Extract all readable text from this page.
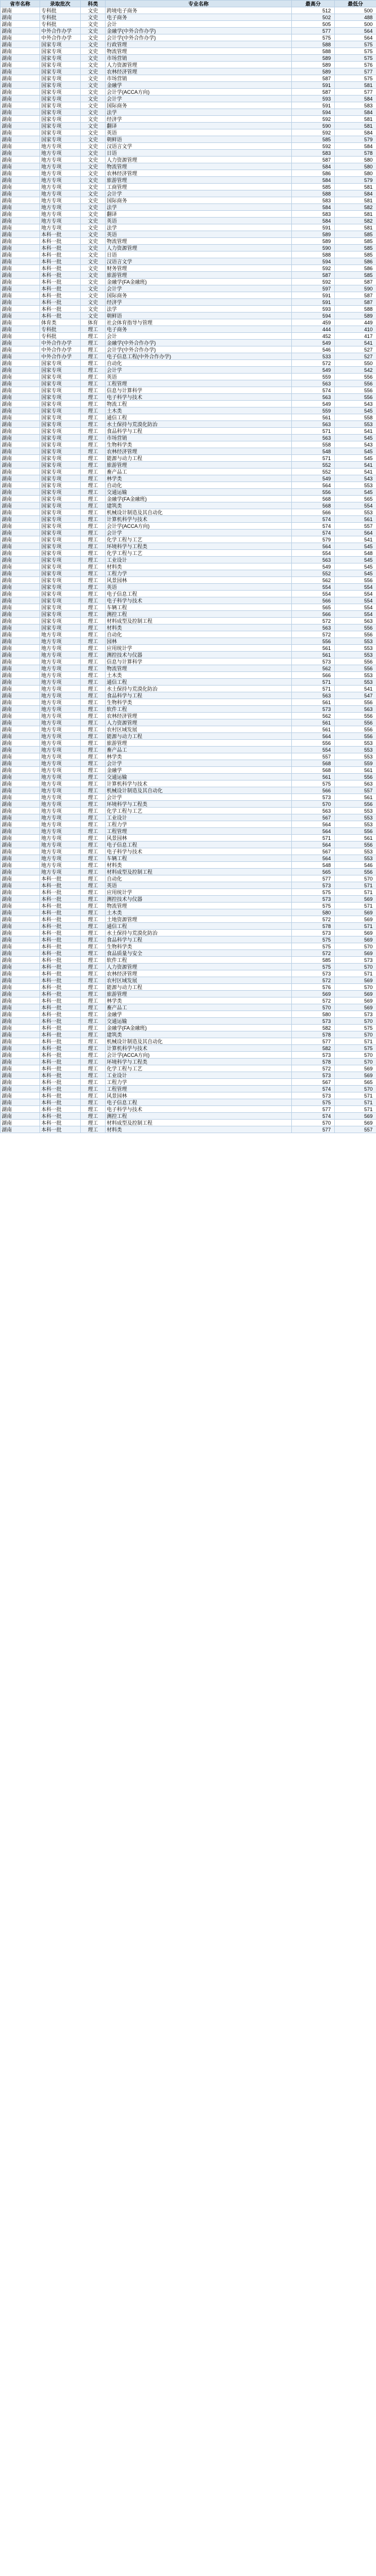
省市名称	录取批次	科类	专业名称	最高分	最低分
湖南	专科批	文史	跨境电子商务	512	500
湖南	专科批	文史	电子商务	502	488
湖南	专科批	文史	会计	505	500
湖南	中外合作办学	文史	金融学(中外合作办学)	577	564
湖南	中外合作办学	文史	会计学(中外合作办学)	575	564
湖南	国家专项	文史	行政管理	588	575
湖南	国家专项	文史	物流管理	588	575
湖南	国家专项	文史	市场营销	589	575
湖南	国家专项	文史	人力资源管理	589	576
湖南	国家专项	文史	农林经济管理	589	577
湖南	国家专项	文史	市场营销	587	575
湖南	国家专项	文史	金融学	591	581
湖南	国家专项	文史	会计学(ACCA方向)	587	577
湖南	国家专项	文史	会计学	593	584
湖南	国家专项	文史	国际商务	591	583
湖南	国家专项	文史	法学	594	584
湖南	国家专项	文史	经济学	592	581
湖南	国家专项	文史	翻译	590	581
湖南	国家专项	文史	英语	592	584
湖南	国家专项	文史	朝鲜语	585	579
湖南	地方专项	文史	汉语言文学	592	584
湖南	地方专项	文史	日语	583	578
湖南	地方专项	文史	人力资源管理	587	580
湖南	地方专项	文史	物流管理	584	580
湖南	地方专项	文史	农林经济管理	586	580
湖南	地方专项	文史	旅游管理	584	579
湖南	地方专项	文史	工商管理	585	581
湖南	地方专项	文史	会计学	588	584
湖南	地方专项	文史	国际商务	583	581
湖南	地方专项	文史	法学	584	582
湖南	地方专项	文史	翻译	583	581
湖南	地方专项	文史	英语	584	582
湖南	地方专项	文史	法学	591	581
湖南	本科一批	文史	英语	589	585
湖南	本科一批	文史	物流管理	589	585
湖南	本科一批	文史	人力资源管理	590	585
湖南	本科一批	文史	日语	588	585
湖南	本科一批	文史	汉语言文学	594	586
湖南	本科一批	文史	财务管理	592	586
湖南	本科一批	文史	旅游管理	587	585
湖南	本科一批	文史	金融学(FA金融班)	592	587
湖南	本科一批	文史	会计学	597	590
湖南	本科一批	文史	国际商务	591	587
湖南	本科一批	文史	经济学	591	587
湖南	本科一批	文史	法学	593	588
湖南	本科一批	文史	朝鲜语	594	589
湖南	体育类	体育	社会体育指导与管理	459	449
湖南	专科批	理工	电子商务	444	410
湖南	专科批	理工	会计	452	417
湖南	中外合作办学	理工	金融学(中外合作办学)	549	541
湖南	中外合作办学	理工	会计学(中外合作办学)	546	527
湖南	中外合作办学	理工	电子信息工程(中外合作办学)	533	527
湖南	国家专项	理工	自动化	572	550
湖南	国家专项	理工	会计学	549	542
湖南	国家专项	理工	英语	559	556
湖南	国家专项	理工	工程管理	563	556
湖南	国家专项	理工	信息与计算科学	574	556
湖南	国家专项	理工	电子科学与技术	563	556
湖南	国家专项	理工	物流工程	549	543
湖南	国家专项	理工	土木类	559	545
湖南	国家专项	理工	通信工程	561	558
湖南	国家专项	理工	水土保持与荒漠化防治	563	553
湖南	国家专项	理工	食品科学与工程	571	541
湖南	国家专项	理工	市场营销	563	545
湖南	国家专项	理工	生物科学类	558	543
湖南	国家专项	理工	农林经济管理	548	545
湖南	国家专项	理工	能源与动力工程	571	545
湖南	国家专项	理工	旅游管理	552	541
湖南	国家专项	理工	畜产品工	552	541
湖南	国家专项	理工	林学类	549	543
湖南	国家专项	理工	自动化	564	553
湖南	国家专项	理工	交通运输	556	545
湖南	国家专项	理工	金融学(FA金融班)	568	565
湖南	国家专项	理工	建筑类	568	554
湖南	国家专项	理工	机械设计制造及其自动化	566	553
湖南	国家专项	理工	计算机科学与技术	574	561
湖南	国家专项	理工	会计学(ACCA方向)	574	557
湖南	国家专项	理工	会计学	574	564
湖南	国家专项	理工	化学工程与工艺	579	541
湖南	国家专项	理工	环境科学与工程类	564	545
湖南	国家专项	理工	化学工程与工艺	554	548
湖南	国家专项	理工	工业设计	563	545
湖南	国家专项	理工	材料类	549	545
湖南	国家专项	理工	工程力学	552	545
湖南	国家专项	理工	风景园林	562	556
湖南	国家专项	理工	英语	554	554
湖南	国家专项	理工	电子信息工程	554	554
湖南	国家专项	理工	电子科学与技术	566	554
湖南	国家专项	理工	车辆工程	565	554
湖南	国家专项	理工	测控工程	566	554
湖南	国家专项	理工	材料成型及控制工程	572	563
湖南	国家专项	理工	材料类	563	556
湖南	地方专项	理工	自动化	572	556
湖南	地方专项	理工	园林	556	553
湖南	地方专项	理工	应用统计学	561	553
湖南	地方专项	理工	测控技术与仪器	561	553
湖南	地方专项	理工	信息与计算科学	573	556
湖南	地方专项	理工	物流管理	562	556
湖南	地方专项	理工	土木类	566	553
湖南	地方专项	理工	通信工程	571	553
湖南	地方专项	理工	水土保持与荒漠化防治	571	541
湖南	地方专项	理工	食品科学与工程	563	547
湖南	地方专项	理工	生物科学类	561	556
湖南	地方专项	理工	软件工程	573	563
湖南	地方专项	理工	农林经济管理	562	556
湖南	地方专项	理工	人力资源管理	561	556
湖南	地方专项	理工	农村区域发展	561	556
湖南	地方专项	理工	能源与动力工程	564	556
湖南	地方专项	理工	旅游管理	556	553
湖南	地方专项	理工	畜产品工	554	553
湖南	地方专项	理工	林学类	557	553
湖南	地方专项	理工	会计学	568	559
湖南	地方专项	理工	金融学	568	561
湖南	地方专项	理工	交通运输	561	556
湖南	地方专项	理工	计算机科学与技术	575	563
湖南	地方专项	理工	机械设计制造及其自动化	566	557
湖南	地方专项	理工	会计学	573	561
湖南	地方专项	理工	环境科学与工程类	570	556
湖南	地方专项	理工	化学工程与工艺	563	553
湖南	地方专项	理工	工业设计	567	553
湖南	地方专项	理工	工程力学	564	553
湖南	地方专项	理工	工程管理	564	556
湖南	地方专项	理工	风景园林	571	561
湖南	地方专项	理工	电子信息工程	564	556
湖南	地方专项	理工	电子科学与技术	567	553
湖南	地方专项	理工	车辆工程	564	553
湖南	地方专项	理工	材料类	548	546
湖南	地方专项	理工	材料成型及控制工程	565	556
湖南	本科一批	理工	自动化	577	570
湖南	本科一批	理工	英语	573	571
湖南	本科一批	理工	应用统计学	575	571
湖南	本科一批	理工	测控技术与仪器	573	569
湖南	本科一批	理工	物流管理	575	571
湖南	本科一批	理工	土木类	580	569
湖南	本科一批	理工	土地资源管理	572	569
湖南	本科一批	理工	通信工程	578	571
湖南	本科一批	理工	水土保持与荒漠化防治	573	569
湖南	本科一批	理工	食品科学与工程	575	569
湖南	本科一批	理工	生物科学类	575	570
湖南	本科一批	理工	食品质量与安全	572	569
湖南	本科一批	理工	软件工程	585	573
湖南	本科一批	理工	人力资源管理	575	570
湖南	本科一批	理工	农林经济管理	573	571
湖南	本科一批	理工	农村区域发展	572	569
湖南	本科一批	理工	能源与动力工程	576	570
湖南	本科一批	理工	旅游管理	569	569
湖南	本科一批	理工	林学类	572	569
湖南	本科一批	理工	畜产品工	570	569
湖南	本科一批	理工	金融学	580	573
湖南	本科一批	理工	交通运输	573	570
湖南	本科一批	理工	金融学(FA金融班)	582	575
湖南	本科一批	理工	建筑类	578	570
湖南	本科一批	理工	机械设计制造及其自动化	577	571
湖南	本科一批	理工	计算机科学与技术	582	575
湖南	本科一批	理工	会计学(ACCA方向)	573	570
湖南	本科一批	理工	环境科学与工程类	578	570
湖南	本科一批	理工	化学工程与工艺	572	569
湖南	本科一批	理工	工业设计	573	569
湖南	本科一批	理工	工程力学	567	565
湖南	本科一批	理工	工程管理	574	570
湖南	本科一批	理工	风景园林	573	571
湖南	本科一批	理工	电子信息工程	575	571
湖南	本科一批	理工	电子科学与技术	577	571
湖南	本科一批	理工	测控工程	574	569
湖南	本科一批	理工	材料成型及控制工程	570	569
湖南	本科一批	理工	材料类	577	557
